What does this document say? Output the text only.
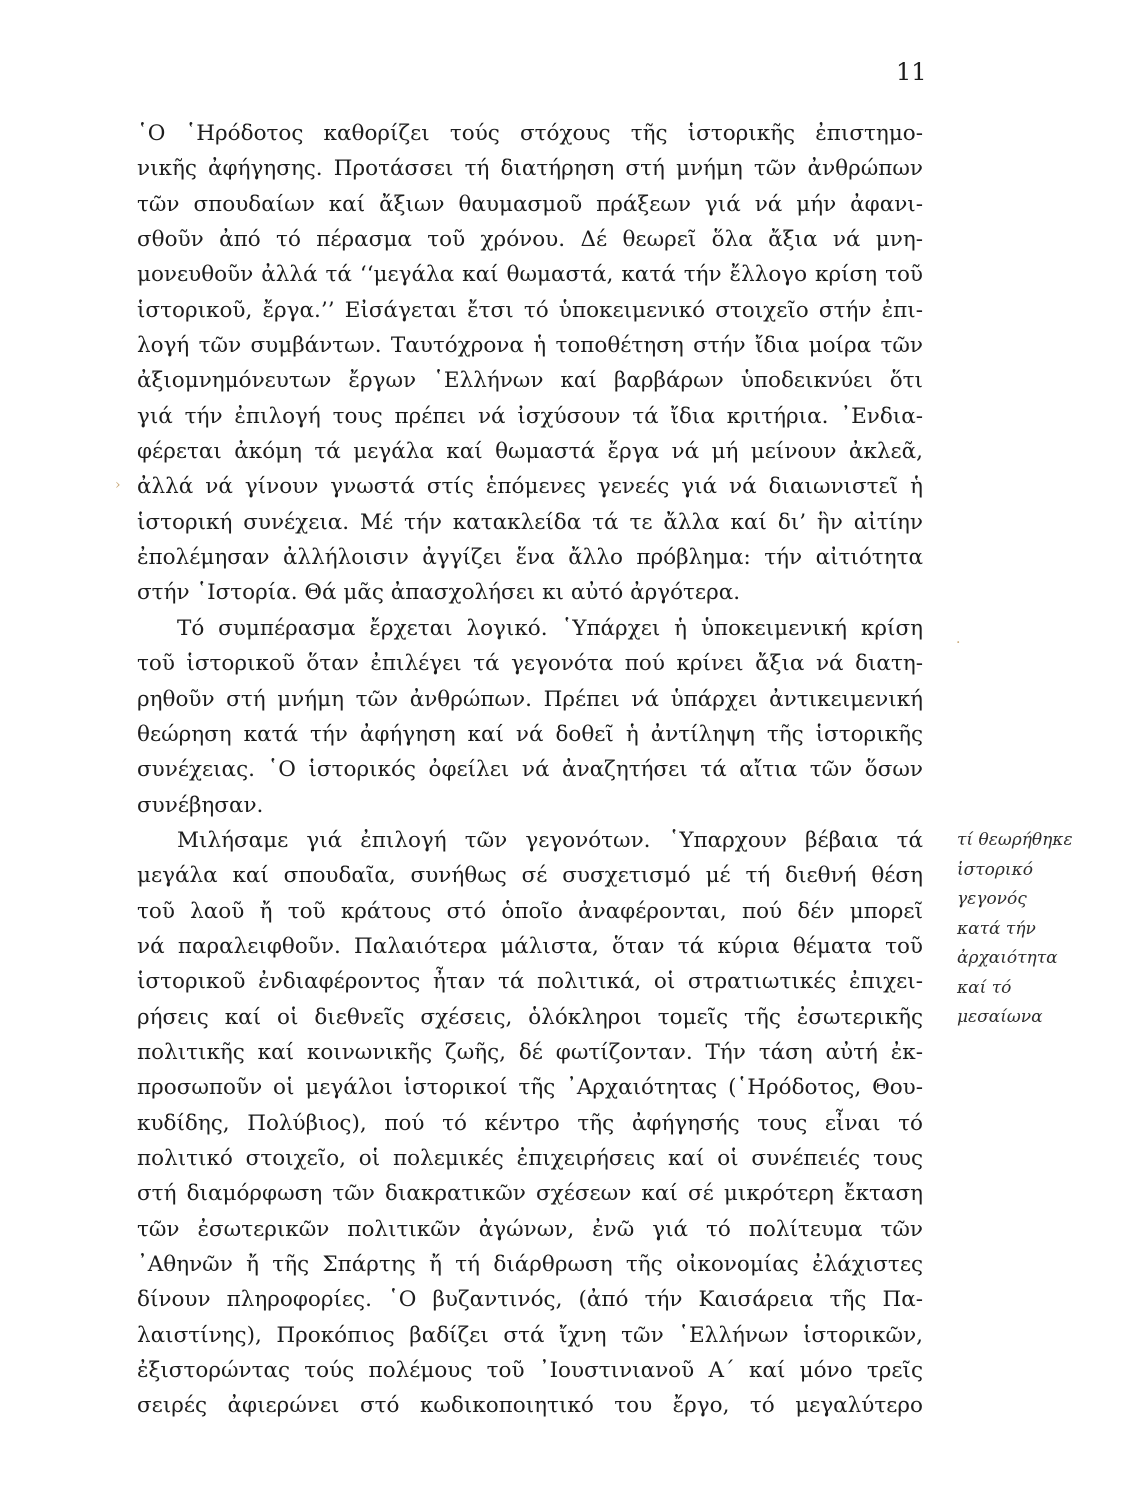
11
›
·
῾Ο ῾Ηρόδοτος καθορίζει τούς στόχους τῆς ἱστορικῆς ἐπιστημο-
νικῆς ἀφήγησης. Προτάσσει τή διατήρηση στή μνήμη τῶν ἀνθρώπων
τῶν σπουδαίων καί ἄξιων θαυμασμοῦ πράξεων γιά νά μήν ἀφανι-
σθοῦν ἀπό τό πέρασμα τοῦ χρόνου. Δέ θεωρεῖ ὅλα ἄξια νά μνη-
μονευθοῦν ἀλλά τά ‘‘μεγάλα καί θωμαστά, κατά τήν ἔλλογο κρίση τοῦ
ἱστορικοῦ, ἔργα.’’ Εἰσάγεται ἔτσι τό ὑποκειμενικό στοιχεῖο στήν ἐπι-
λογή τῶν συμβάντων. Ταυτόχρονα ἡ τοποθέτηση στήν ἴδια μοίρα τῶν
ἀξιομνημόνευτων ἔργων ῾Ελλήνων καί βαρβάρων ὑποδεικνύει ὅτι
γιά τήν ἐπιλογή τους πρέπει νά ἰσχύσουν τά ἴδια κριτήρια. ᾿Ενδια-
φέρεται ἀκόμη τά μεγάλα καί θωμαστά ἔργα νά μή μείνουν ἀκλεᾶ,
ἀλλά νά γίνουν γνωστά στίς ἑπόμενες γενεές γιά νά διαιωνιστεῖ ἡ
ἱστορική συνέχεια. Μέ τήν κατακλείδα τά τε ἄλλα καί δι’ ἣν αἰτίην
ἐπολέμησαν ἀλλήλοισιν ἀγγίζει ἕνα ἄλλο πρόβλημα: τήν αἰτιότητα
στήν ῾Ιστορία. Θά μᾶς ἀπασχολήσει κι αὐτό ἀργότερα.
Τό συμπέρασμα ἔρχεται λογικό. ῾Υπάρχει ἡ ὑποκειμενική κρίση
τοῦ ἱστορικοῦ ὅταν ἐπιλέγει τά γεγονότα πού κρίνει ἄξια νά διατη-
ρηθοῦν στή μνήμη τῶν ἀνθρώπων. Πρέπει νά ὑπάρχει ἀντικειμενική
θεώρηση κατά τήν ἀφήγηση καί νά δοθεῖ ἡ ἀντίληψη τῆς ἱστορικῆς
συνέχειας. ῾Ο ἱστορικός ὀφείλει νά ἀναζητήσει τά αἴτια τῶν ὅσων
συνέβησαν.
Μιλήσαμε γιά ἐπιλογή τῶν γεγονότων. ῾Υπαρχουν βέβαια τά
μεγάλα καί σπουδαῖα, συνήθως σέ συσχετισμό μέ τή διεθνή θέση
τοῦ λαοῦ ἤ τοῦ κράτους στό ὁποῖο ἀναφέρονται, πού δέν μπορεῖ
νά παραλειφθοῦν. Παλαιότερα μάλιστα, ὅταν τά κύρια θέματα τοῦ
ἱστορικοῦ ἐνδιαφέροντος ἦταν τά πολιτικά, οἱ στρατιωτικές ἐπιχει-
ρήσεις καί οἱ διεθνεῖς σχέσεις, ὁλόκληροι τομεῖς τῆς ἐσωτερικῆς
πολιτικῆς καί κοινωνικῆς ζωῆς, δέ φωτίζονταν. Τήν τάση αὐτή ἐκ-
προσωποῦν οἱ μεγάλοι ἱστορικοί τῆς ᾿Αρχαιότητας (῾Ηρόδοτος, Θου-
κυδίδης, Πολύβιος), πού τό κέντρο τῆς ἀφήγησής τους εἶναι τό
πολιτικό στοιχεῖο, οἱ πολεμικές ἐπιχειρήσεις καί οἱ συνέπειές τους
στή διαμόρφωση τῶν διακρατικῶν σχέσεων καί σέ μικρότερη ἔκταση
τῶν ἐσωτερικῶν πολιτικῶν ἀγώνων, ἐνῶ γιά τό πολίτευμα τῶν
᾿Αθηνῶν ἤ τῆς Σπάρτης ἤ τή διάρθρωση τῆς οἰκονομίας ἐλάχιστες
δίνουν πληροφορίες. ῾Ο βυζαντινός, (ἀπό τήν Καισάρεια τῆς Πα-
λαιστίνης), Προκόπιος βαδίζει στά ἴχνη τῶν ῾Ελλήνων ἱστορικῶν,
ἐξιστορώντας τούς πολέμους τοῦ ᾿Ιουστινιανοῦ Α΄ καί μόνο τρεῖς
σειρές ἀφιερώνει στό κωδικοποιητικό του ἔργο, τό μεγαλύτερο
τί θεωρήθηκε
ἱστορικό
γεγονός
κατά τήν
ἀρχαιότητα
καί τό
μεσαίωνα
